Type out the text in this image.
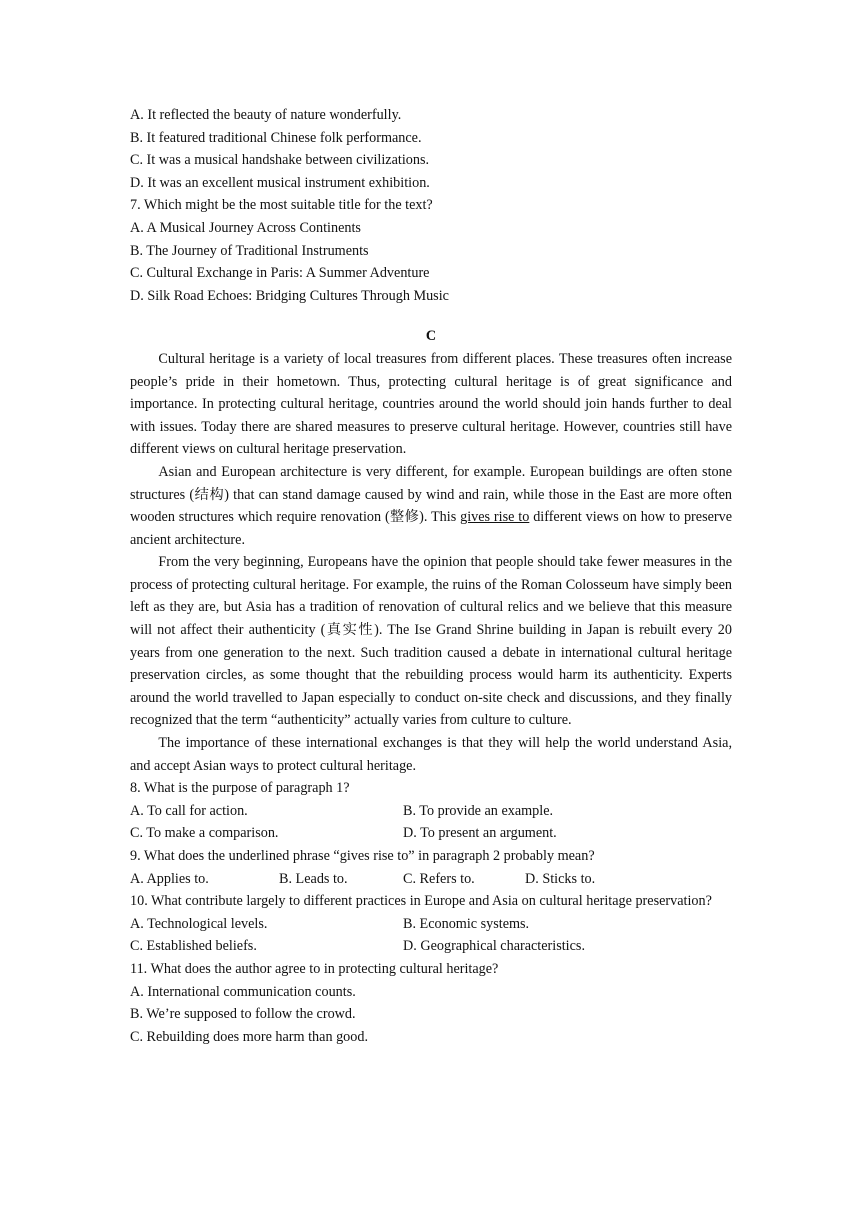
A. It reflected the beauty of nature wonderfully.

B. It featured traditional Chinese folk performance.

C. It was a musical handshake between civilizations.

D. It was an excellent musical instrument exhibition.

7. Which might be the most suitable title for the text?

A. A Musical Journey Across Continents

B. The Journey of Traditional Instruments

C. Cultural Exchange in Paris: A Summer Adventure

D. Silk Road Echoes: Bridging Cultures Through Music

C

Cultural heritage is a variety of local treasures from different places. These treasures often increase people’s pride in their hometown. Thus, protecting cultural heritage is of great significance and importance. In protecting cultural heritage, countries around the world should join hands further to deal with issues. Today there are shared measures to preserve cultural heritage. However, countries still have different views on cultural heritage preservation.

Asian and European architecture is very different, for example. European buildings are often stone structures (结构) that can stand damage caused by wind and rain, while those in the East are more often wooden structures which require renovation (整修). This gives rise to different views on how to preserve ancient architecture.

From the very beginning, Europeans have the opinion that people should take fewer measures in the process of protecting cultural heritage. For example, the ruins of the Roman Colosseum have simply been left as they are, but Asia has a tradition of renovation of cultural relics and we believe that this measure will not affect their authenticity (真实性). The Ise Grand Shrine building in Japan is rebuilt every 20 years from one generation to the next. Such tradition caused a debate in international cultural heritage preservation circles, as some thought that the rebuilding process would harm its authenticity. Experts around the world travelled to Japan especially to conduct on-site check and discussions, and they finally recognized that the term “authenticity” actually varies from culture to culture.

The importance of these international exchanges is that they will help the world understand Asia, and accept Asian ways to protect cultural heritage.

8. What is the purpose of paragraph 1?

A. To call for action.	B. To provide an example.
C. To make a comparison.	D. To present an argument.

9. What does the underlined phrase “gives rise to” in paragraph 2 probably mean?

A. Applies to.	B. Leads to.	C. Refers to.	D. Sticks to.

10. What contribute largely to different practices in Europe and Asia on cultural heritage preservation?

A. Technological levels.	B. Economic systems.
C. Established beliefs.	D. Geographical characteristics.

11. What does the author agree to in protecting cultural heritage?

A. International communication counts.

B. We’re supposed to follow the crowd.

C. Rebuilding does more harm than good.
